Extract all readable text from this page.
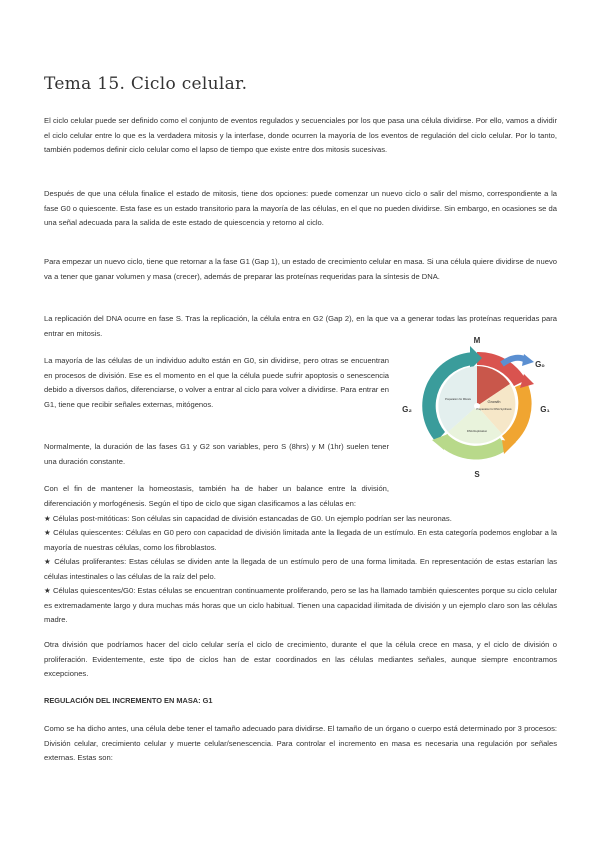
Tema 15. Ciclo celular.

El ciclo celular puede ser definido como el conjunto de eventos regulados y secuenciales por los que pasa una célula dividirse. Por ello, vamos a dividir el ciclo celular entre lo que es la verdadera mitosis y la interfase, donde ocurren la mayoría de los eventos de regulación del ciclo celular. Por lo tanto, también podemos definir ciclo celular como el lapso de tiempo que existe entre dos mitosis sucesivas.

Después de que una célula finalice el estado de mitosis, tiene dos opciones: puede comenzar un nuevo ciclo o salir del mismo, correspondiente a la fase G0 o quiescente. Esta fase es un estado transitorio para la mayoría de las células, en el que no pueden dividirse. Sin embargo, en ocasiones se da una señal adecuada para la salida de este estado de quiescencia y retorno al ciclo.

Para empezar un nuevo ciclo, tiene que retornar a la fase G1 (Gap 1), un estado de crecimiento celular en masa. Si una célula quiere dividirse de nuevo va a tener que ganar volumen y masa (crecer), además de preparar las proteínas requeridas para la síntesis de DNA.

La replicación del DNA ocurre en fase S. Tras la replicación, la célula entra en G2 (Gap 2), en la que va a generar todas las proteínas requeridas para entrar en mitosis.

La mayoría de las células de un individuo adulto están en G0, sin dividirse, pero otras se encuentran en procesos de división. Ese es el momento en el que la célula puede sufrir apoptosis o senescencia debido a diversos daños, diferenciarse, o volver a entrar al ciclo para volver a dividirse. Para entrar en G1, tiene que recibir señales externas, mitógenos.

Normalmente, la duración de las fases G1 y G2 son variables, pero S (8hrs) y M (1hr) suelen tener una duración constante.

Con el fin de mantener la homeostasis, también ha de haber un balance entre la división, diferenciación y morfogénesis. Según el tipo de ciclo que sigan clasificamos a las células en:

★ Células post-mitóticas: Son células sin capacidad de división estancadas de G0. Un ejemplo podrían ser las neuronas.

★ Células quiescentes: Células en G0 pero con capacidad de división limitada ante la llegada de un estímulo. En esta categoría podemos englobar a la mayoría de nuestras células, como los fibroblastos.

★ Células proliferantes: Estas células se dividen ante la llegada de un estímulo pero de una forma limitada. En representación de estas estarían las células intestinales o las células de la raíz del pelo.

★ Células quiescentes/G0: Estas células se encuentran continuamente proliferando, pero se las ha llamado también quiescentes porque su ciclo celular es extremadamente largo y dura muchas más horas que un ciclo habitual. Tienen una capacidad ilimitada de división y un ejemplo claro son las células madre.

Otra división que podríamos hacer del ciclo celular sería el ciclo de crecimiento, durante el que la célula crece en masa, y el ciclo de división o proliferación. Evidentemente, este tipo de ciclos han de estar coordinados en las células mediantes señales, aunque siempre encontramos excepciones.

REGULACIÓN DEL INCREMENTO EN MASA: G1

Como se ha dicho antes, una célula debe tener el tamaño adecuado para dividirse. El tamaño de un órgano o cuerpo está determinado por 3 procesos: División celular, crecimiento celular y muerte celular/senescencia. Para controlar el incremento en masa es necesaria una regulación por señales externas. Estas son:

Growth
Preparation for DNA Synthesis
DNA Replication
Preparation for Mitosis
M
G₀
G₁
G₂
S
